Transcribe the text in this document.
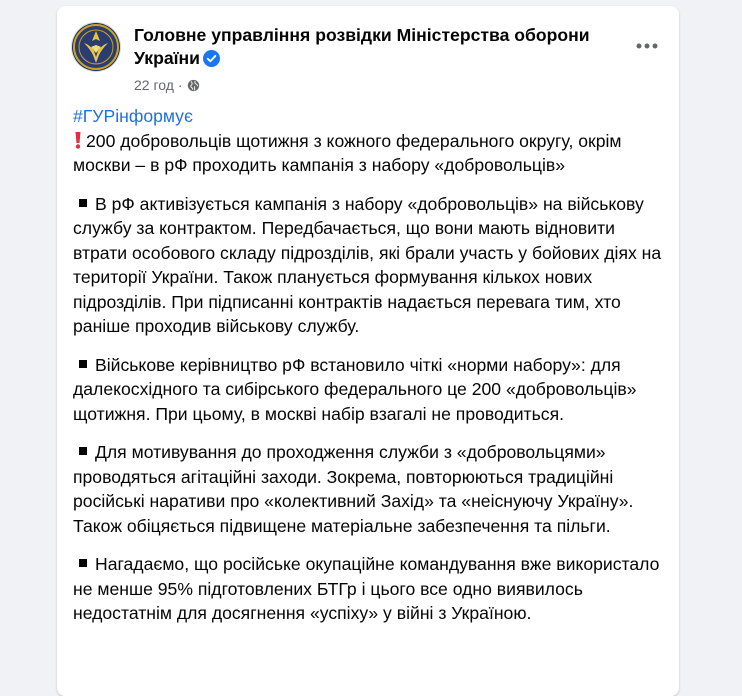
Головне управління розвідки Міністерства оборони України
22 год ·
#ГУРінформує
200 добровольців щотижня з кожного федерального округу, окрім москви – в рФ проходить кампанія з набору «добровольців»
В рФ активізується кампанія з набору «добровольців» на військову службу за контрактом. Передбачається, що вони мають відновити втрати особового складу підрозділів, які брали участь у бойових діях на території України. Також планується формування кількох нових підрозділів. При підписанні контрактів надається перевага тим, хто раніше проходив військову службу.
Військове керівництво рФ встановило чіткі «норми набору»: для далекосхідного та сибірського федерального це 200 «добровольців» щотижня. При цьому, в москві набір взагалі не проводиться.
Для мотивування до проходження служби з «добровольцями» проводяться агітаційні заходи. Зокрема, повторюються традиційні російські наративи про «колективний Захід» та «неіснуючу Україну». Також обіцяється підвищене матеріальне забезпечення та пільги.
Нагадаємо, що російське окупаційне командування вже використало не менше 95% підготовлених БТГр і цього все одно виявилось недостатнім для досягнення «успіху» у війні з Україною.
